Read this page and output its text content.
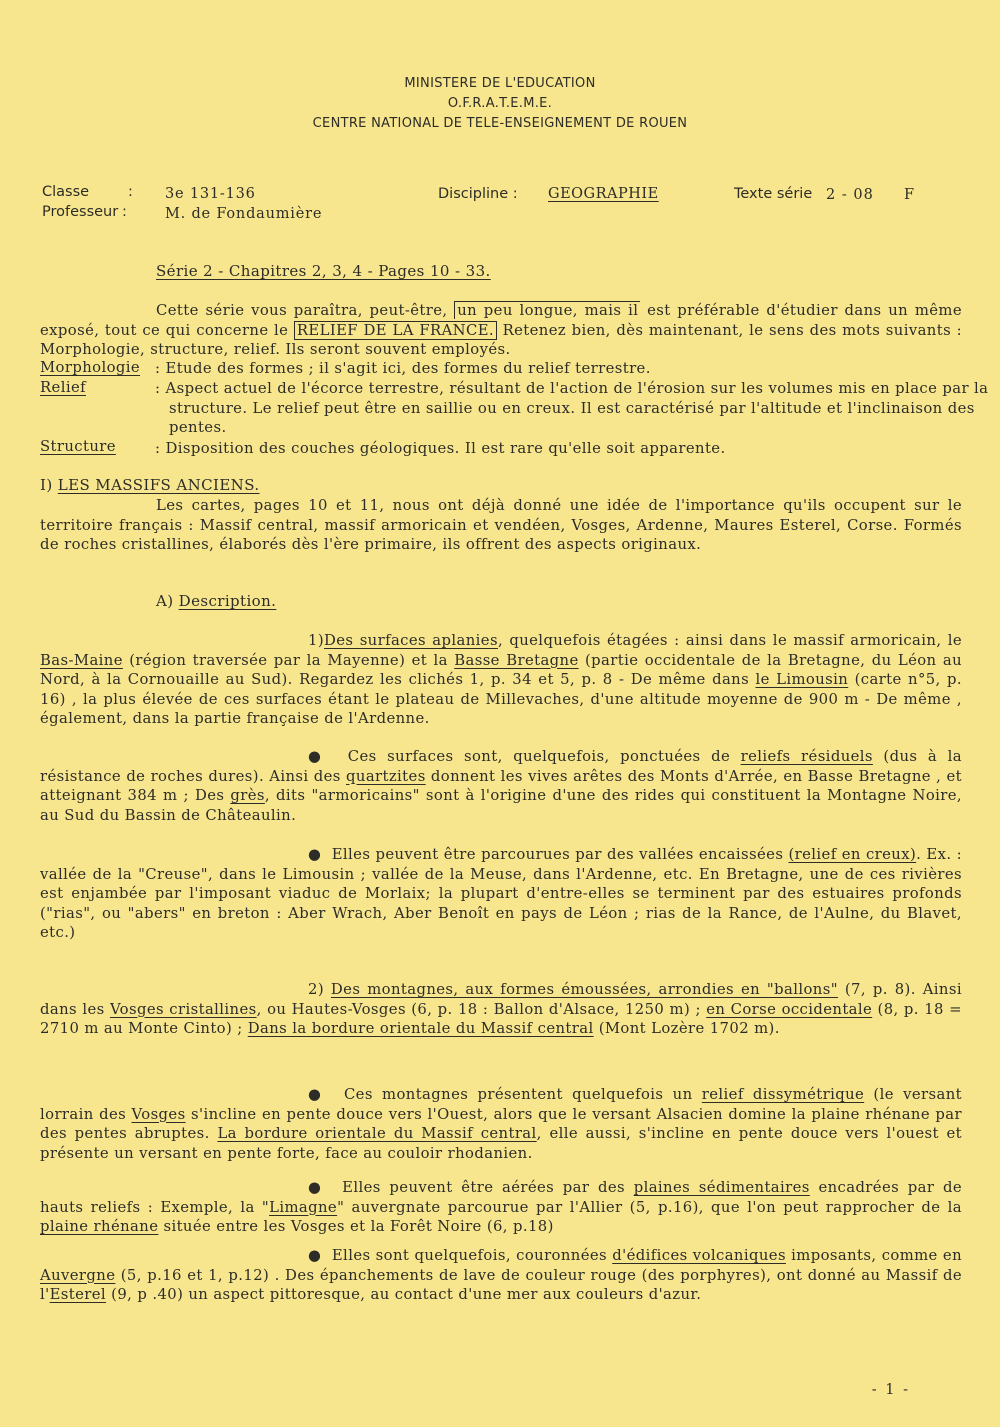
MINISTERE DE L'EDUCATION
O.F.R.A.T.E.M.E.
CENTRE NATIONAL DE TELE-ENSEIGNEMENT DE ROUEN
Classe	: 3e 131-136
Professeur :	M. de Fondaumière
Discipline : GEOGRAPHIE	Texte série 2 - 08 F
Série 2 - Chapitres 2, 3, 4 - Pages 10 - 33.
Cette série vous paraîtra, peut-être, un peu longue, mais il est préférable d'étudier dans un même exposé, tout ce qui concerne le RELIEF DE LA FRANCE. Retenez bien, dès maintenant, le sens des mots suivants : Morphologie, structure, relief. Ils seront souvent employés.
Morphologie : Etude des formes ; il s'agit ici, des formes du relief terrestre.
Relief	: Aspect actuel de l'écorce terrestre, résultant de l'action de l'érosion sur les volumes mis en place par la structure. Le relief peut être en saillie ou en creux. Il est caractérisé par l'altitude et l'inclinaison des pentes.
Structure	: Disposition des couches géologiques. Il est rare qu'elle soit apparente.
I) LES MASSIFS ANCIENS.
Les cartes, pages 10 et 11, nous ont déjà donné une idée de l'importance qu'ils occupent sur le territoire français : Massif central, massif armoricain et vendéen, Vosges, Ardenne, Maures Esterel, Corse. Formés de roches cristallines, élaborés dès l'ère primaire, ils offrent des aspects originaux.
A) Description.
1)Des surfaces aplanies, quelquefois étagées : ainsi dans le massif armoricain, le Bas-Maine (région traversée par la Mayenne) et la Basse Bretagne (partie occidentale de la Bretagne, du Léon au Nord, à la Cornouaille au Sud). Regardez les clichés 1, p. 34 et 5, p. 8 - De même dans le Limousin (carte n°5, p. 16) , la plus élevée de ces surfaces étant le plateau de Millevaches, d'une altitude moyenne de 900 m - De même , également, dans la partie française de l'Ardenne.
● Ces surfaces sont, quelquefois, ponctuées de reliefs résiduels (dus à la résistance de roches dures). Ainsi des quartzites donnent les vives arêtes des Monts d'Arrée, en Basse Bretagne , et atteignant 384 m ; Des grès, dits "armoricains" sont à l'origine d'une des rides qui constituent la Montagne Noire, au Sud du Bassin de Châteaulin.
● Elles peuvent être parcourues par des vallées encaissées (relief en creux). Ex. : vallée de la "Creuse", dans le Limousin ; vallée de la Meuse, dans l'Ardenne, etc. En Bretagne, une de ces rivières est enjambée par l'imposant viaduc de Morlaix; la plupart d'entre-elles se terminent par des estuaires profonds ("rias", ou "abers" en breton : Aber Wrach, Aber Benoît en pays de Léon ; rias de la Rance, de l'Aulne, du Blavet, etc.)
2) Des montagnes, aux formes émoussées, arrondies en "ballons" (7, p. 8). Ainsi dans les Vosges cristallines, ou Hautes-Vosges (6, p. 18 : Ballon d'Alsace, 1250 m) ; en Corse occidentale (8, p. 18 = 2710 m au Monte Cinto) ; Dans la bordure orientale du Massif central (Mont Lozère 1702 m).
● Ces montagnes présentent quelquefois un relief dissymétrique (le versant lorrain des Vosges s'incline en pente douce vers l'Ouest, alors que le versant Alsacien domine la plaine rhénane par des pentes abruptes. La bordure orientale du Massif central, elle aussi, s'incline en pente douce vers l'ouest et présente un versant en pente forte, face au couloir rhodanien.
● Elles peuvent être aérées par des plaines sédimentaires encadrées par de hauts reliefs : Exemple, la "Limagne" auvergnate parcourue par l'Allier (5, p.16), que l'on peut rapprocher de la plaine rhénane située entre les Vosges et la Forêt Noire (6, p.18)
● Elles sont quelquefois, couronnées d'édifices volcaniques imposants, comme en Auvergne (5, p.16 et 1, p.12) . Des épanchements de lave de couleur rouge (des porphyres), ont donné au Massif de l'Esterel (9, p .40) un aspect pittoresque, au contact d'une mer aux couleurs d'azur.
- 1 -
